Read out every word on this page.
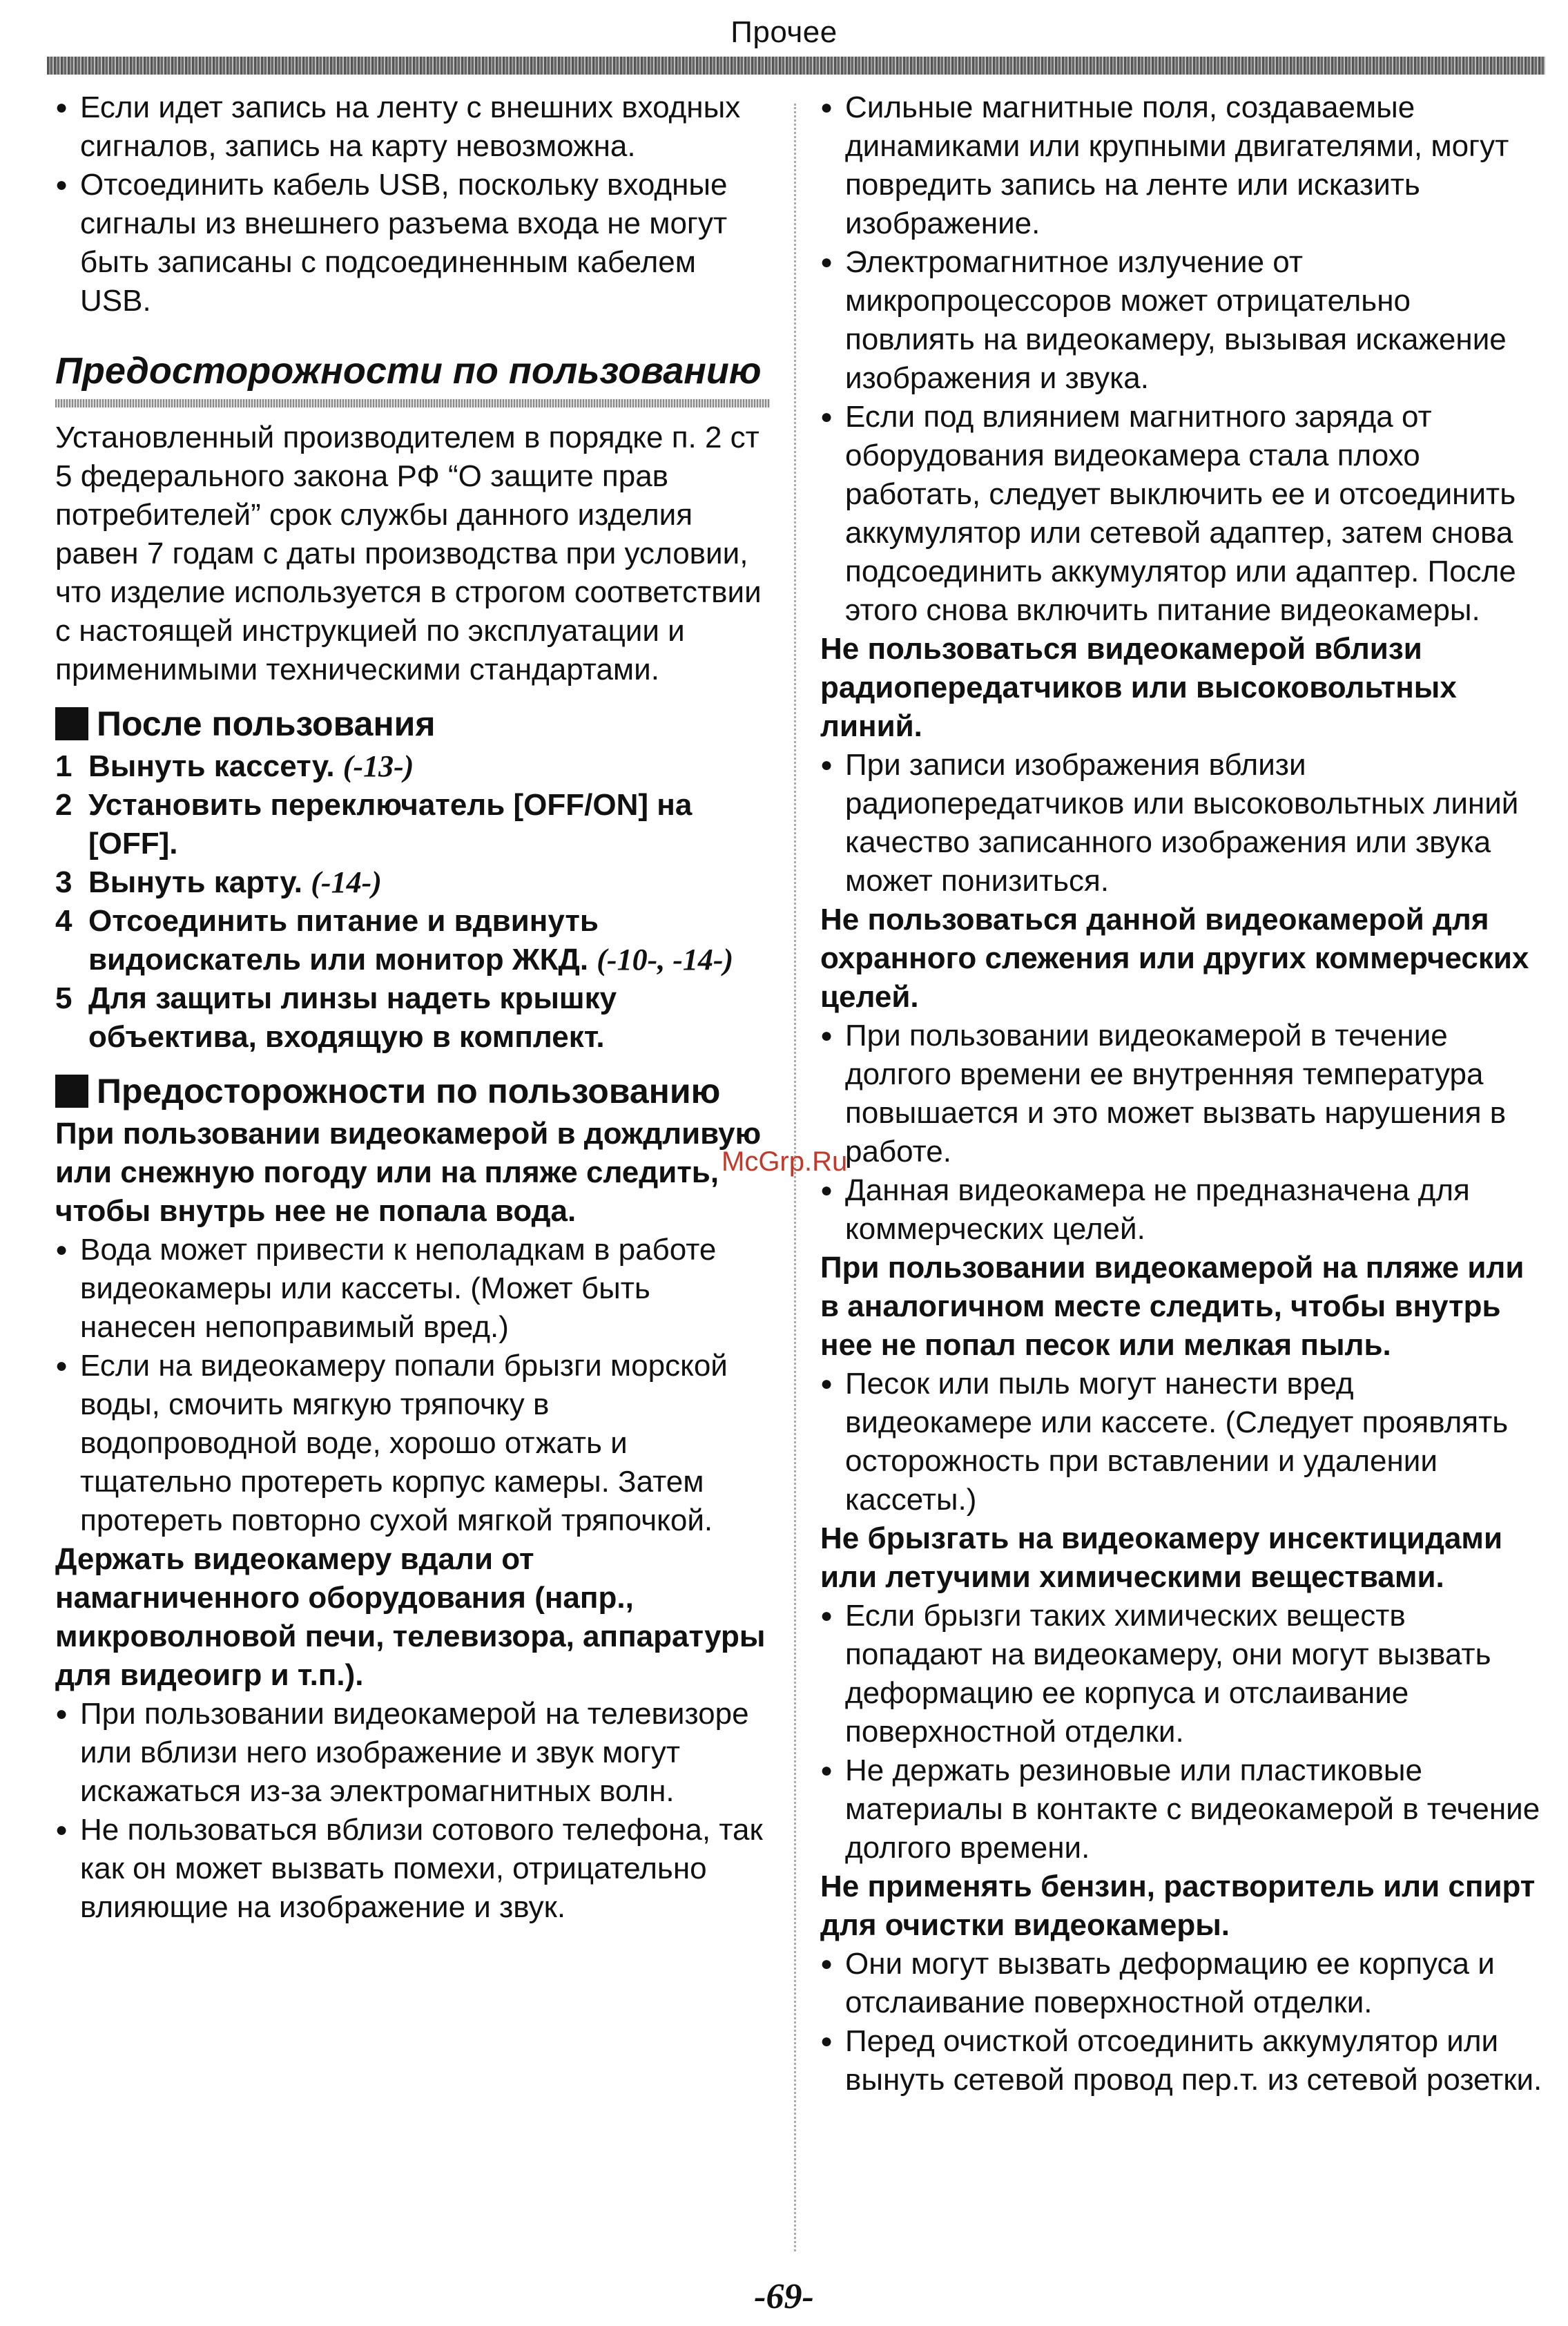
Прочее

● Если идет запись на ленту с внешних входных сигналов, запись на карту невозможна.

● Отсоединить кабель USB, поскольку входные сигналы из внешнего разъема входа не могут быть записаны с подсоединенным кабелем USB.

Предосторожности по пользованию

Установленный производителем в порядке п. 2 ст 5 федерального закона РФ “О защите прав потребителей” срок службы данного изделия равен 7 годам с даты производства при условии, что изделие используется в строгом соответствии с настоящей инструкцией по эксплуатации и применимыми техническими стандартами.

После пользования

1 Вынуть кассету. (-13-)

2 Установить переключатель [OFF/ON] на [OFF].

3 Вынуть карту. (-14-)

4 Отсоединить питание и вдвинуть видоискатель или монитор ЖКД. (-10-, -14-)

5 Для защиты линзы надеть крышку объектива, входящую в комплект.

Предосторожности по пользованию

При пользовании видеокамерой в дождливую или снежную погоду или на пляже следить, чтобы внутрь нее не попала вода.

● Вода может привести к неполадкам в работе видеокамеры или кассеты. (Может быть нанесен непоправимый вред.)

● Если на видеокамеру попали брызги морской воды, смочить мягкую тряпочку в водопроводной воде, хорошо отжать и тщательно протереть корпус камеры. Затем протереть повторно сухой мягкой тряпочкой.

Держать видеокамеру вдали от намагниченного оборудования (напр., микроволновой печи, телевизора, аппаратуры для видеоигр и т.п.).

● При пользовании видеокамерой на телевизоре или вблизи него изображение и звук могут искажаться из-за электромагнитных волн.

● Не пользоваться вблизи сотового телефона, так как он может вызвать помехи, отрицательно влияющие на изображение и звук.

● Сильные магнитные поля, создаваемые динамиками или крупными двигателями, могут повредить запись на ленте или исказить изображение.

● Электромагнитное излучение от микропроцессоров может отрицательно повлиять на видеокамеру, вызывая искажение изображения и звука.

● Если под влиянием магнитного заряда от оборудования видеокамера стала плохо работать, следует выключить ее и отсоединить аккумулятор или сетевой адаптер, затем снова подсоединить аккумулятор или адаптер. После этого снова включить питание видеокамеры.

Не пользоваться видеокамерой вблизи радиопередатчиков или высоковольтных линий.

● При записи изображения вблизи радиопередатчиков или высоковольтных линий качество записанного изображения или звука может понизиться.

Не пользоваться данной видеокамерой для охранного слежения или других коммерческих целей.

● При пользовании видеокамерой в течение долгого времени ее внутренняя температура повышается и это может вызвать нарушения в работе.

● Данная видеокамера не предназначена для коммерческих целей.

При пользовании видеокамерой на пляже или в аналогичном месте следить, чтобы внутрь нее не попал песок или мелкая пыль.

● Песок или пыль могут нанести вред видеокамере или кассете. (Следует проявлять осторожность при вставлении и удалении кассеты.)

Не брызгать на видеокамеру инсектицидами или летучими химическими веществами.

● Если брызги таких химических веществ попадают на видеокамеру, они могут вызвать деформацию ее корпуса и отслаивание поверхностной отделки.

● Не держать резиновые или пластиковые материалы в контакте с видеокамерой в течение долгого времени.

Не применять бензин, растворитель или спирт для очистки видеокамеры.

● Они могут вызвать деформацию ее корпуса и отслаивание поверхностной отделки.

● Перед очисткой отсоединить аккумулятор или вынуть сетевой провод пер.т. из сетевой розетки.

McGrp.Ru
-69-
